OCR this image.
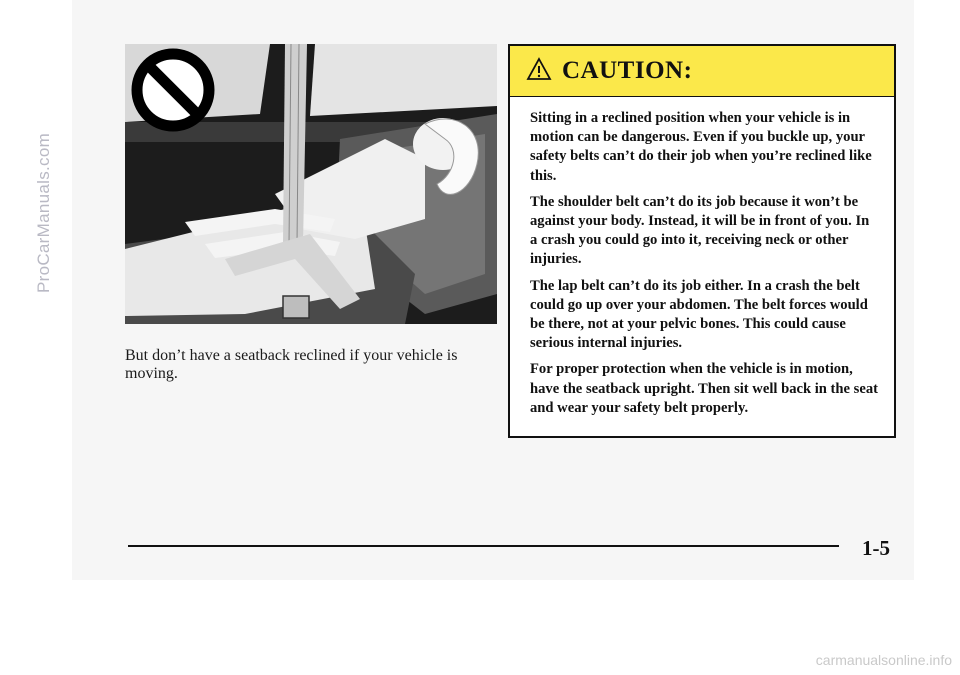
ProCarManuals.com
But don’t have a seatback reclined if your vehicle is moving.
CAUTION:

Sitting in a reclined position when your vehicle is in motion can be dangerous. Even if you buckle up, your safety belts can’t do their job when you’re reclined like this.

The shoulder belt can’t do its job because it won’t be against your body. Instead, it will be in front of you. In a crash you could go into it, receiving neck or other injuries.

The lap belt can’t do its job either. In a crash the belt could go up over your abdomen. The belt forces would be there, not at your pelvic bones. This could cause serious internal injuries.

For proper protection when the vehicle is in motion, have the seatback upright. Then sit well back in the seat and wear your safety belt properly.

1-5
carmanualsonline.info
